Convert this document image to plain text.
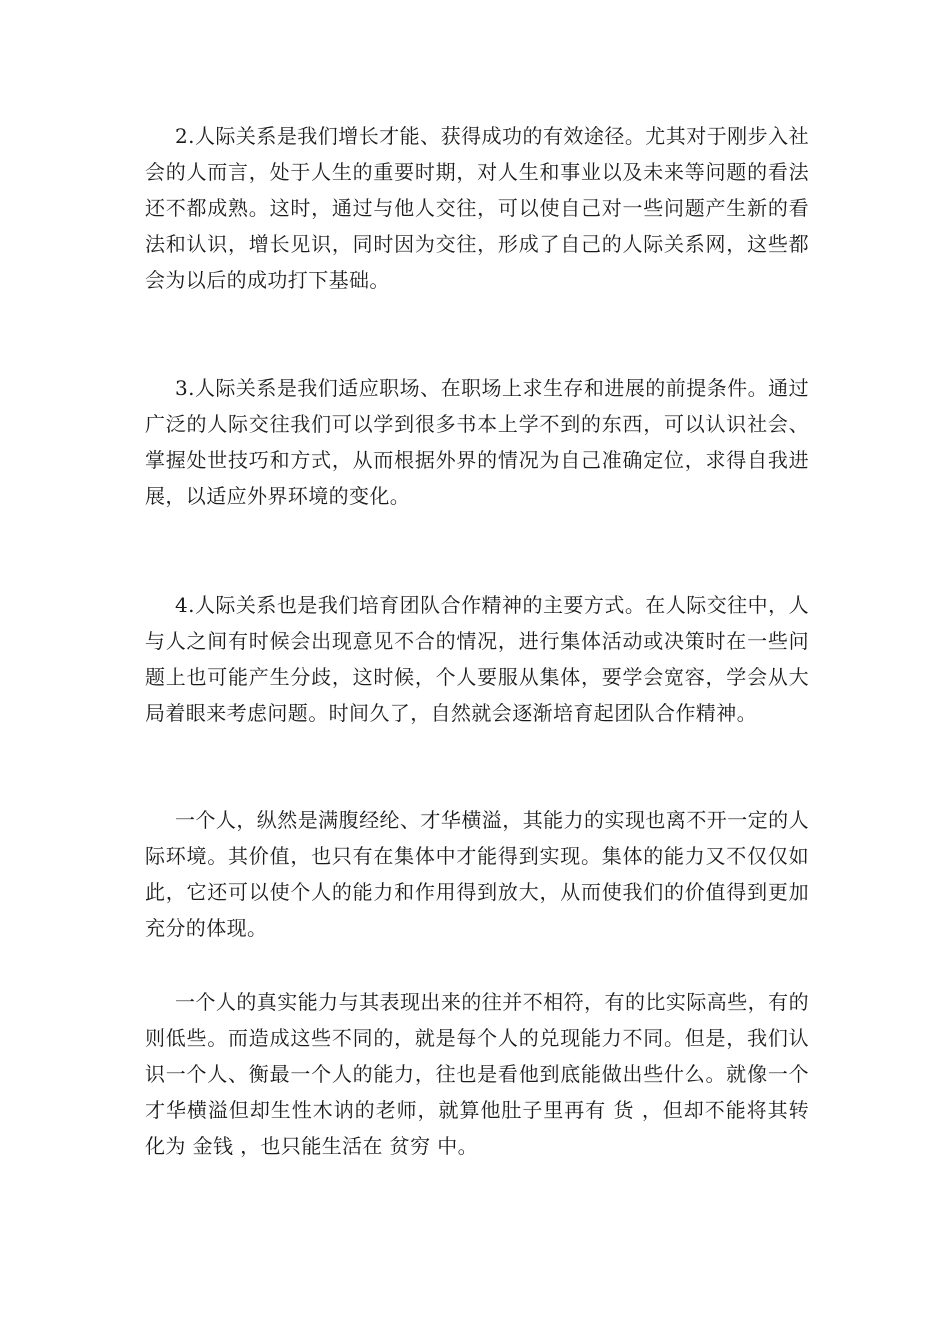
2.人际关系是我们增长才能、获得成功的有效途径。尤其对于刚步入社会的人而言，处于人生的重要时期，对人生和事业以及未来等问题的看法还不都成熟。这时，通过与他人交往，可以使自己对一些问题产生新的看法和认识，增长见识，同时因为交往，形成了自己的人际关系网，这些都会为以后的成功打下基础。

3.人际关系是我们适应职场、在职场上求生存和进展的前提条件。通过广泛的人际交往我们可以学到很多书本上学不到的东西，可以认识社会、掌握处世技巧和方式，从而根据外界的情况为自己准确定位，求得自我进展，以适应外界环境的变化。

4.人际关系也是我们培育团队合作精神的主要方式。在人际交往中，人与人之间有时候会出现意见不合的情况，进行集体活动或决策时在一些问题上也可能产生分歧，这时候，个人要服从集体，要学会宽容，学会从大局着眼来考虑问题。时间久了，自然就会逐渐培育起团队合作精神。

一个人，纵然是满腹经纶、才华横溢，其能力的实现也离不开一定的人际环境。其价值，也只有在集体中才能得到实现。集体的能力又不仅仅如此，它还可以使个人的能力和作用得到放大，从而使我们的价值得到更加充分的体现。

一个人的真实能力与其表现出来的往并不相符，有的比实际高些，有的则低些。而造成这些不同的，就是每个人的兑现能力不同。但是，我们认识一个人、衡最一个人的能力，往也是看他到底能做出些什么。就像一个才华横溢但却生性木讷的老师，就算他肚子里再有 货 ，但却不能将其转化为 金钱 ，也只能生活在 贫穷 中。
